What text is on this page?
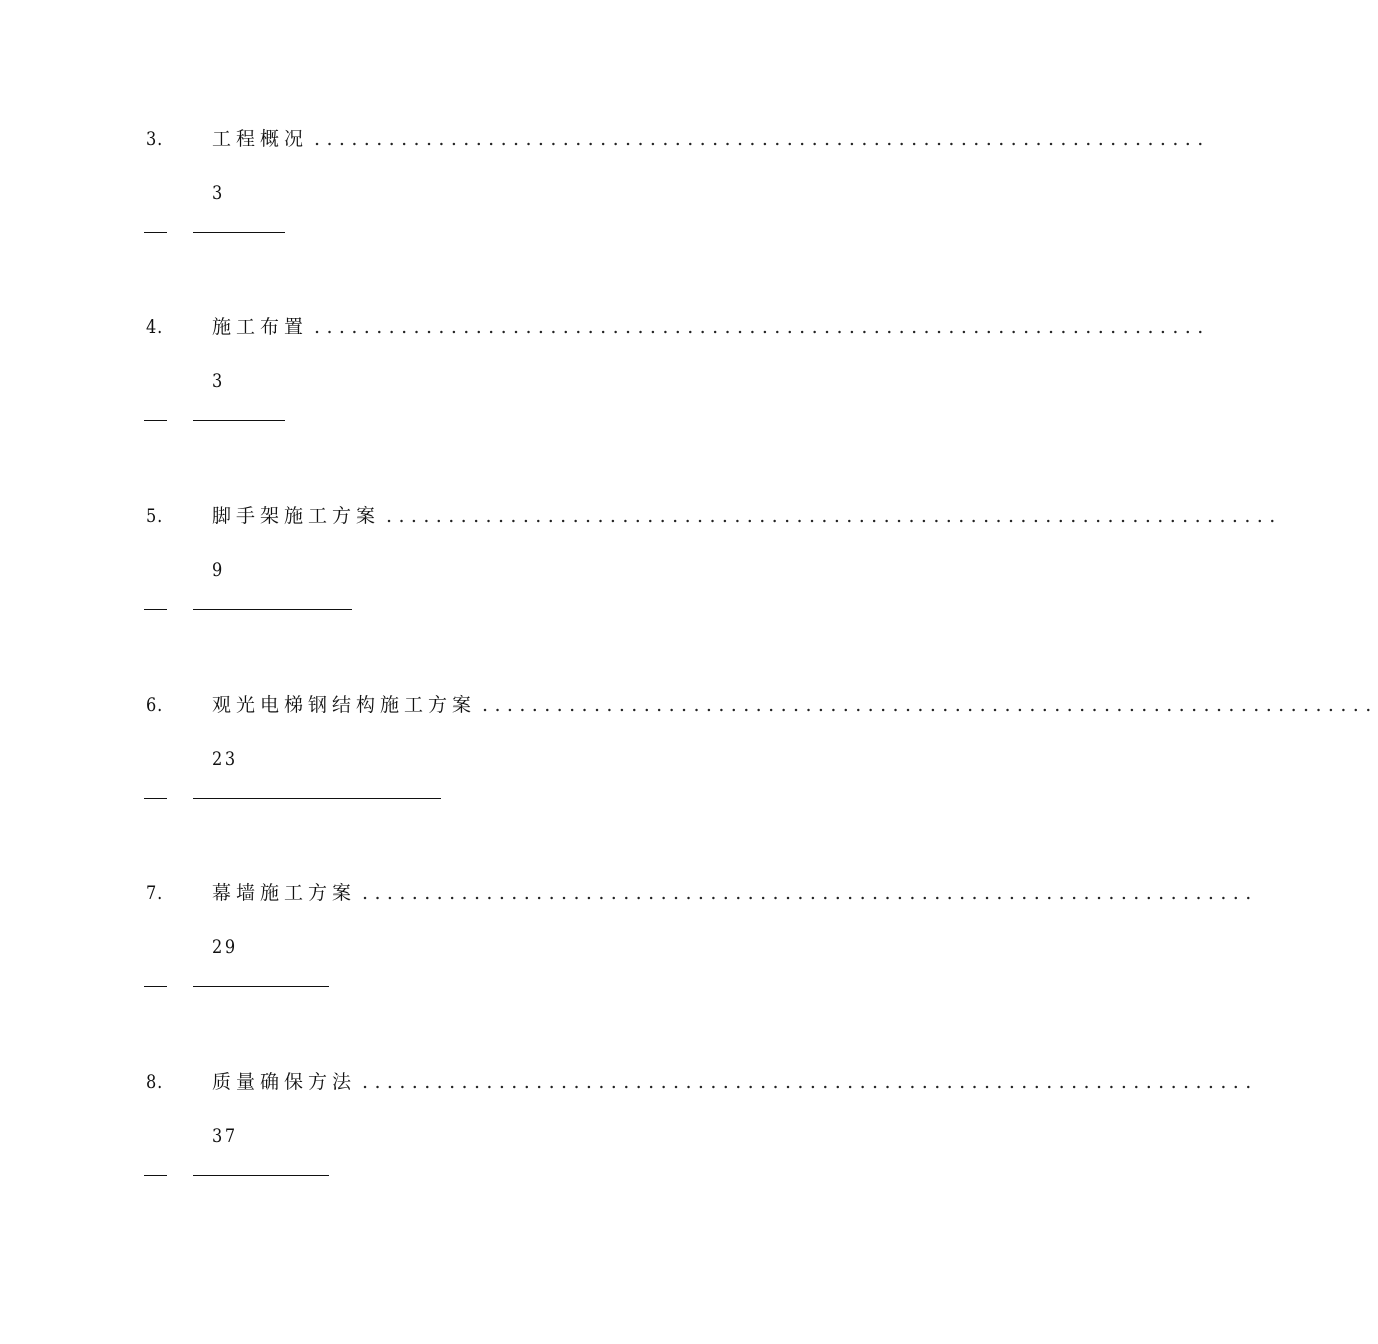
3.	工程概况 ........................................................................
3
4.	施工布置 ........................................................................
3
5.	脚手架施工方案 ........................................................................
9
6.	观光电梯钢结构施工方案 ........................................................................
23
7.	幕墙施工方案 ........................................................................
29
8.	质量确保方法 ........................................................................
37
